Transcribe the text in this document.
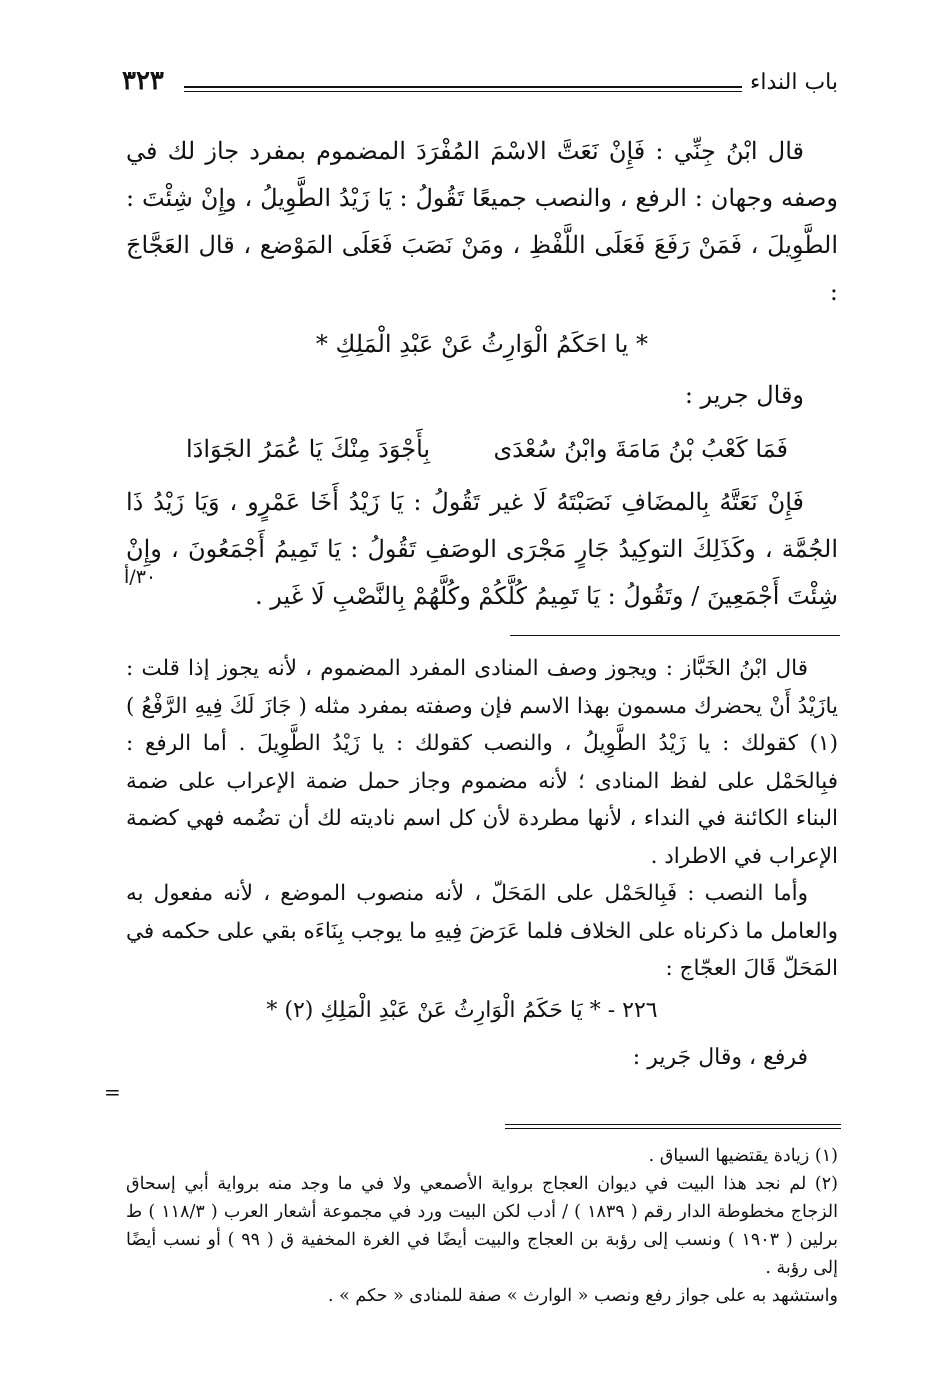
باب النداء
٣٢٣

قال ابْنُ جِنِّي : فَإِنْ نَعَتَّ الاسْمَ المُفْرَدَ المضموم بمفرد جاز لك في وصفه وجهان : الرفع ، والنصب جميعًا تَقُولُ : يَا زَيْدُ الطَّوِيلُ ، وإِنْ شِئْتَ : الطَّوِيلَ ، فَمَنْ رَفَعَ فَعَلَى اللَّفْظِ ، ومَنْ نَصَبَ فَعَلَى المَوْضع ، قال العَجَّاجَ :

* يا احَكَمُ الْوَارِثُ عَنْ عَبْدِ الْمَلِكِ *

وقال جرير :

فَمَا كَعْبُ بْنُ مَامَةَ وابْنُ سُعْدَى
بِأَجْوَدَ مِنْكَ يَا عُمَرُ الجَوَادَا

فَإِنْ نَعَتَّهُ بِالمضَافِ نَصَبْتَهُ لَا غير تَقُولُ : يَا زَيْدُ أَخَا عَمْرٍو ، وَيَا زَيْدُ ذَا الجُمَّة ، وكَذَلِكَ التوكِيدُ جَارٍ مَجْرَى الوصَفِ تَقُولُ : يَا تَمِيمُ أَجْمَعُونَ ، وإِنْ شِئْتَ أَجْمَعِينَ / وتَقُولُ : يَا تَمِيمُ كُلَّكُمْ وكُلَّهُمْ بِالنَّصْبِ لَا غَير .

٣٠/أ

قال ابْنُ الخَبَّاز : ويجوز وصف المنادى المفرد المضموم ، لأنه يجوز إذا قلت : يازَيْدُ أَنْ يحضرك مسمون بهذا الاسم فإن وصفته بمفرد مثله ( جَازَ لَكَ فِيهِ الرَّفْعُ ) (١) كقولك : يا زَيْدُ الطَّوِيلُ ، والنصب كقولك : يا زَيْدُ الطَّوِيلَ . أما الرفع : فبِالحَمْل على لفظ المنادى ؛ لأنه مضموم وجاز حمل ضمة الإعراب على ضمة البناء الكائنة في النداء ، لأنها مطردة لأن كل اسم ناديته لك أن تضُمه فهي كضمة الإعراب في الاطراد .

وأما النصب : فَبِالحَمْل على المَحَلّ ، لأنه منصوب الموضع ، لأنه مفعول به والعامل ما ذكرناه على الخلاف فلما عَرَضَ فِيهِ ما يوجب بِنَاءَه بقي على حكمه في المَحَلّ قَالَ العجّاج :

٢٢٦ - * يَا حَكَمُ الْوَارِثُ عَنْ عَبْدِ الْمَلِكِ (٢) *

فرفع ، وقال جَرير :

=

(١) زيادة يقتضيها السياق .

(٢) لم نجد هذا البيت في ديوان العجاج برواية الأصمعي ولا في ما وجد منه برواية أبي إسحاق الزجاج مخطوطة الدار رقم ( ١٨٣٩ ) / أدب لكن البيت ورد في مجموعة أشعار العرب ( ١١٨/٣ ) ط برلين ( ١٩٠٣ ) ونسب إلى رؤبة بن العجاج والبيت أيضًا في الغرة المخفية ق ( ٩٩ ) أو نسب أيضًا إلى رؤبة .

واستشهد به على جواز رفع ونصب « الوارث » صفة للمنادى « حكم » .
